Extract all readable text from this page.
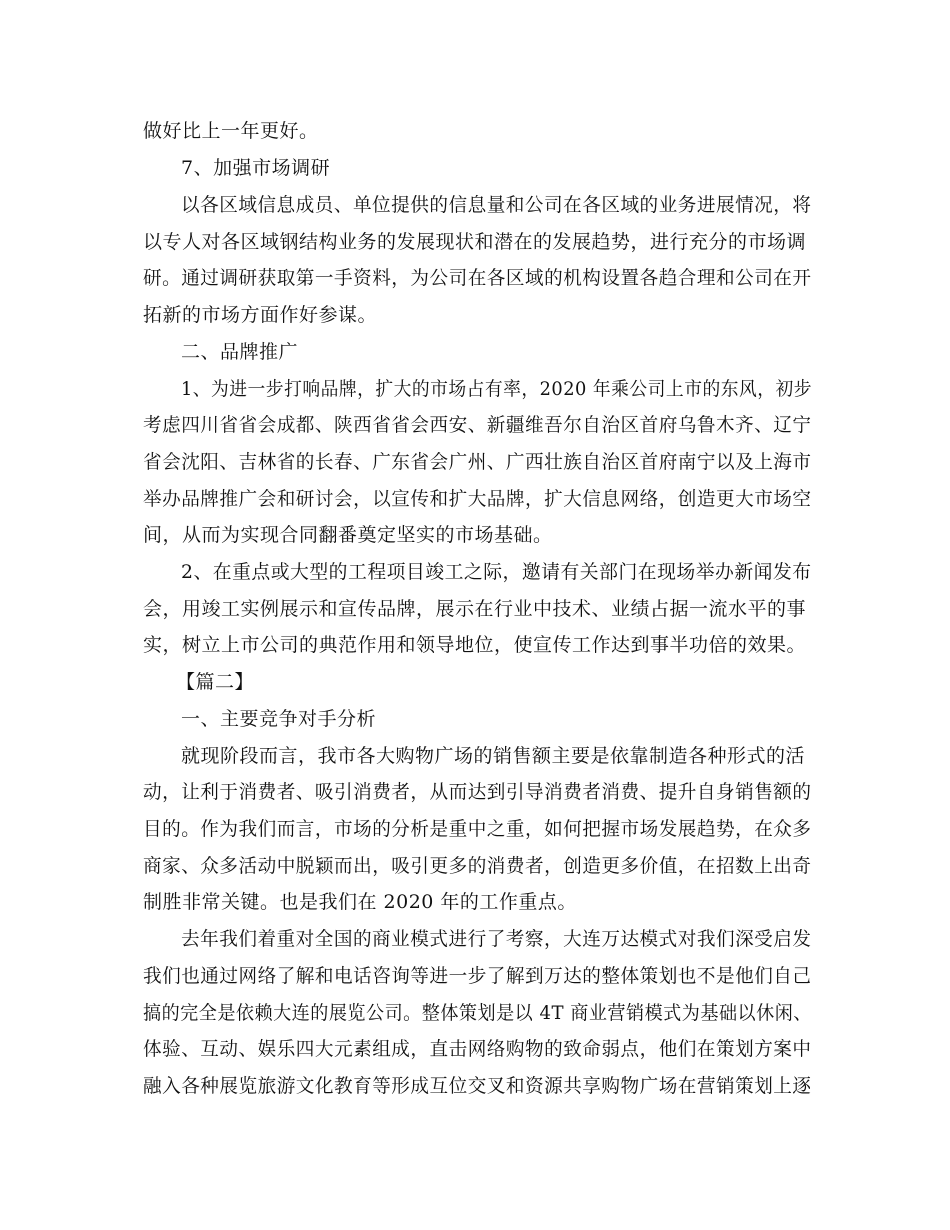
做好比上一年更好。
7、加强市场调研
以各区域信息成员、单位提供的信息量和公司在各区域的业务进展情况，将
以专人对各区域钢结构业务的发展现状和潜在的发展趋势，进行充分的市场调
研。通过调研获取第一手资料，为公司在各区域的机构设置各趋合理和公司在开
拓新的市场方面作好参谋。
二、品牌推广
1、为进一步打响品牌，扩大的市场占有率，2020 年乘公司上市的东风，初步
考虑四川省省会成都、陕西省省会西安、新疆维吾尔自治区首府乌鲁木齐、辽宁
省会沈阳、吉林省的长春、广东省会广州、广西壮族自治区首府南宁以及上海市
举办品牌推广会和研讨会，以宣传和扩大品牌，扩大信息网络，创造更大市场空
间，从而为实现合同翻番奠定坚实的市场基础。
2、在重点或大型的工程项目竣工之际，邀请有关部门在现场举办新闻发布
会，用竣工实例展示和宣传品牌，展示在行业中技术、业绩占据一流水平的事
实，树立上市公司的典范作用和领导地位，使宣传工作达到事半功倍的效果。
【篇二】
一、主要竞争对手分析
就现阶段而言，我市各大购物广场的销售额主要是依靠制造各种形式的活
动，让利于消费者、吸引消费者，从而达到引导消费者消费、提升自身销售额的
目的。作为我们而言，市场的分析是重中之重，如何把握市场发展趋势，在众多
商家、众多活动中脱颖而出，吸引更多的消费者，创造更多价值，在招数上出奇
制胜非常关键。也是我们在 2020 年的工作重点。
去年我们着重对全国的商业模式进行了考察，大连万达模式对我们深受启发
我们也通过网络了解和电话咨询等进一步了解到万达的整体策划也不是他们自己
搞的完全是依赖大连的展览公司。整体策划是以 4T 商业营销模式为基础以休闲、
体验、互动、娱乐四大元素组成，直击网络购物的致命弱点，他们在策划方案中
融入各种展览旅游文化教育等形成互位交叉和资源共享购物广场在营销策划上逐
